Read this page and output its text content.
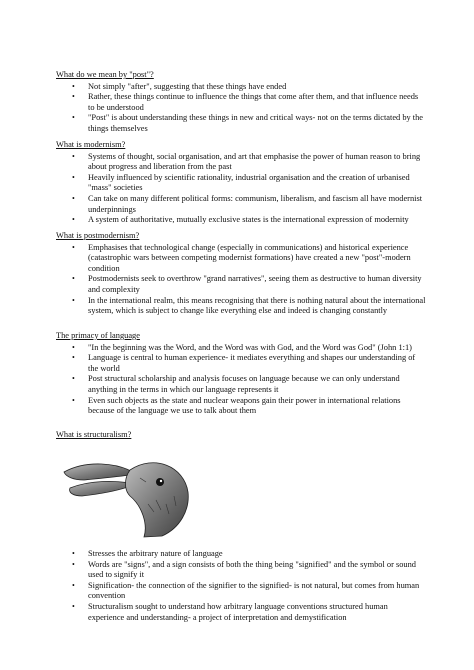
What do we mean by "post"?
•	Not simply "after", suggesting that these things have ended
•	Rather, these things continue to influence the things that come after them, and that influence needs to be understood
•	"Post" is about understanding these things in new and critical ways- not on the terms dictated by the things themselves
What is modernism?
•	Systems of thought, social organisation, and art that emphasise the power of human reason to bring about progress and liberation from the past
•	Heavily influenced by scientific rationality, industrial organisation and the creation of urbanised "mass" societies
•	Can take on many different political forms: communism, liberalism, and fascism all have modernist underpinnings
•	A system of authoritative, mutually exclusive states is the international expression of modernity
What is postmodernism?
•	Emphasises that technological change (especially in communications) and historical experience (catastrophic wars between competing modernist formations) have created a new "post"-modern condition
•	Postmodernists seek to overthrow "grand narratives", seeing them as destructive to human diversity and complexity
•	In the international realm, this means recognising that there is nothing natural about the international system, which is subject to change like everything else and indeed is changing constantly
The primacy of language
•	"In the beginning was the Word, and the Word was with God, and the Word was God" (John 1:1)
•	Language is central to human experience- it mediates everything and shapes our understanding of the world
•	Post structural scholarship and analysis focuses on language because we can only understand anything in the terms in which our language represents it
•	Even such objects as the state and nuclear weapons gain their power in international relations because of the language we use to talk about them
What is structuralism?
•	Stresses the arbitrary nature of language
•	Words are "signs", and a sign consists of both the thing being "signified" and the symbol or sound used to signify it
•	Signification- the connection of the signifier to the signified- is not natural, but comes from human convention
•	Structuralism sought to understand how arbitrary language conventions structured human experience and understanding- a project of interpretation and demystification
